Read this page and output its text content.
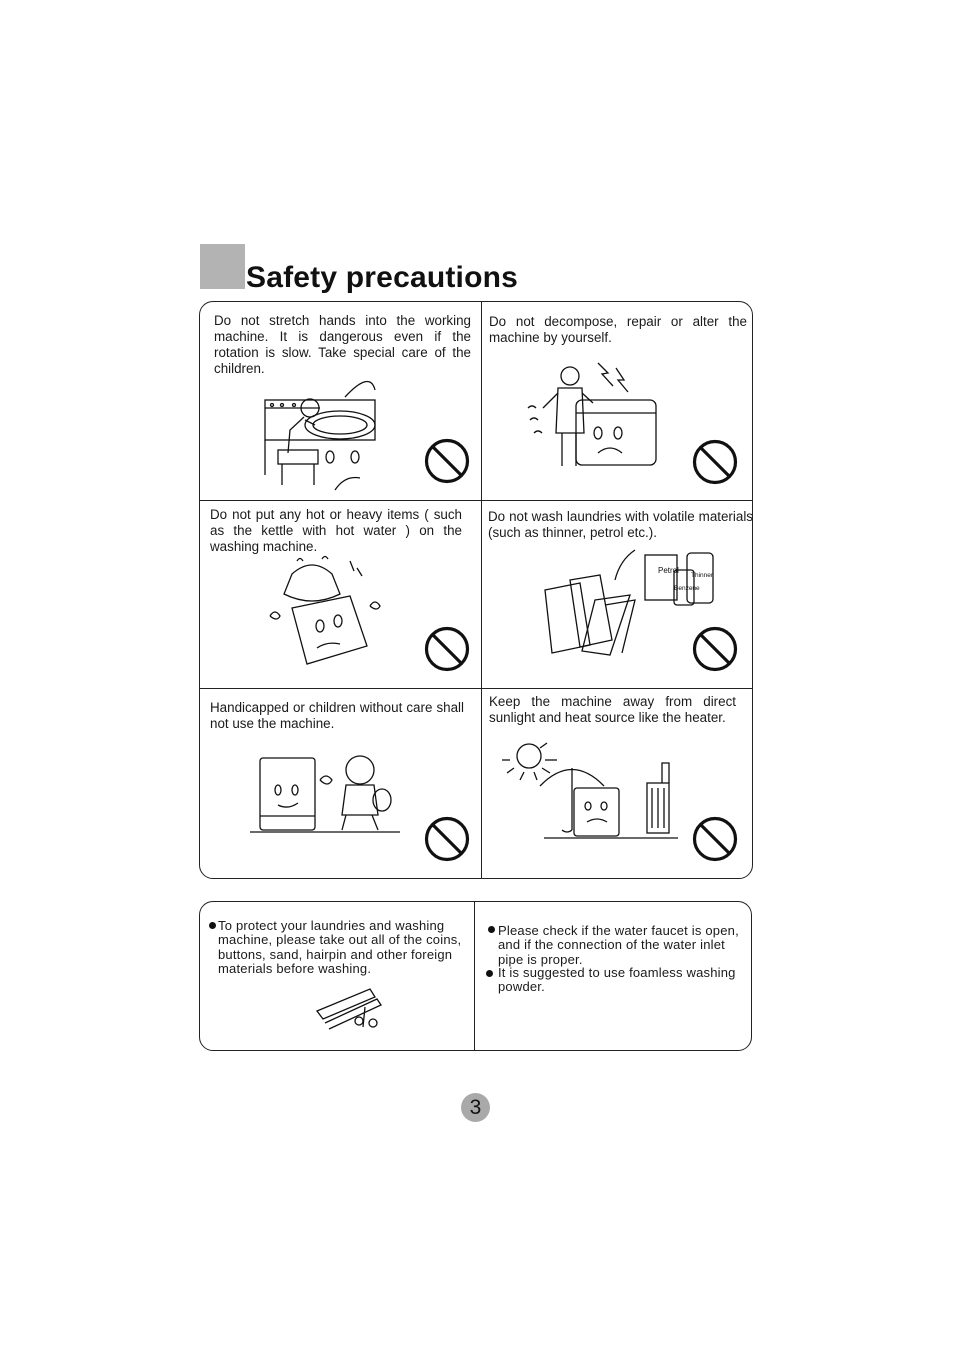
Safety precautions
Do not stretch hands into the working machine. It is dangerous even if the rotation is slow. Take special care of the children.
Do not decompose, repair or alter the machine by yourself.
Do not put any hot or heavy items ( such as the kettle with hot water ) on the washing machine.
Do not wash laundries with volatile materials (such as thinner, petrol etc.).
Petrol
Thinner
Benzene
Handicapped or children without care shall not use the machine.
Keep the machine away from direct sunlight and heat source like the heater.
To protect your laundries and washing machine, please take out all of the coins, buttons, sand, hairpin and other foreign materials before washing.
Please check if the water faucet is open, and if the connection of the water inlet pipe is proper.
It is suggested to use foamless washing powder.
3
